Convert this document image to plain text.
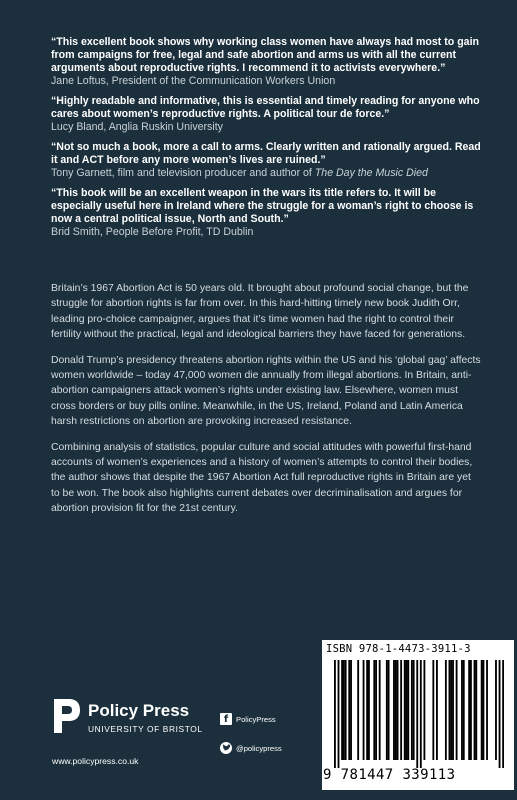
“This excellent book shows why working class women have always had most to gain from campaigns for free, legal and safe abortion and arms us with all the current arguments about reproductive rights. I recommend it to activists everywhere.”

Jane Loftus, President of the Communication Workers Union

“Highly readable and informative, this is essential and timely reading for anyone who cares about women’s reproductive rights. A political tour de force.”

Lucy Bland, Anglia Ruskin University

“Not so much a book, more a call to arms. Clearly written and rationally argued. Read it and ACT before any more women’s lives are ruined.”

Tony Garnett, film and television producer and author of The Day the Music Died

“This book will be an excellent weapon in the wars its title refers to. It will be especially useful here in Ireland where the struggle for a woman’s right to choose is now a central political issue, North and South.”

Brid Smith, People Before Profit, TD Dublin

Britain’s 1967 Abortion Act is 50 years old. It brought about profound social change, but the struggle for abortion rights is far from over. In this hard-hitting timely new book Judith Orr, leading pro-choice campaigner, argues that it’s time women had the right to control their fertility without the practical, legal and ideological barriers they have faced for generations.

Donald Trump’s presidency threatens abortion rights within the US and his ‘global gag’ affects women worldwide – today 47,000 women die annually from illegal abortions. In Britain, anti-abortion campaigners attack women’s rights under existing law. Elsewhere, women must cross borders or buy pills online. Meanwhile, in the US, Ireland, Poland and Latin America harsh restrictions on abortion are provoking increased resistance.

Combining analysis of statistics, popular culture and social attitudes with powerful first-hand accounts of women’s experiences and a history of women’s attempts to control their bodies, the author shows that despite the 1967 Abortion Act full reproductive rights in Britain are yet to be won. The book also highlights current debates over decriminalisation and argues for abortion provision fit for the 21st century.

ISBN 978-1-4473-3911-3
9 781447 339113
Policy Press
UNIVERSITY OF BRISTOL
www.policypress.co.uk
f	PolicyPress
@policypress
